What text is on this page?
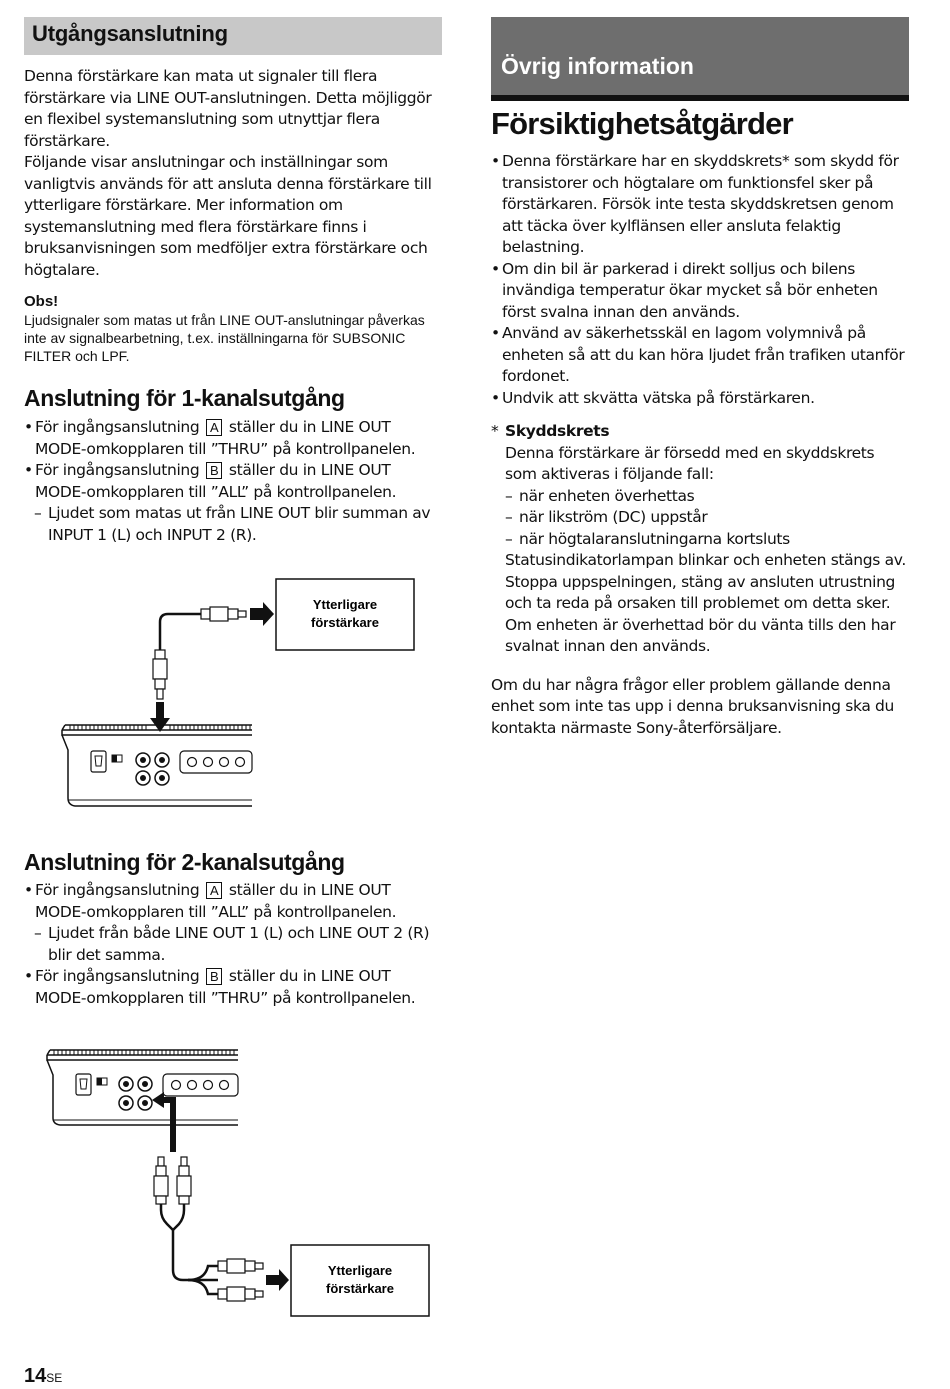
Utgångsanslutning

Denna förstärkare kan mata ut signaler till flera förstärkare via LINE OUT-anslutningen. Detta möjliggör en flexibel systemanslutning som utnyttjar flera förstärkare.

Följande visar anslutningar och inställningar som vanligtvis används för att ansluta denna förstärkare till ytterligare förstärkare. Mer information om systemanslutning med flera förstärkare finns i bruksanvisningen som medföljer extra förstärkare och högtalare.

Obs!
Ljudsignaler som matas ut från LINE OUT-anslutningar påverkas inte av signalbearbetning, t.ex. inställningarna för SUBSONIC FILTER och LPF.
Anslutning för 1-kanalsutgång
• För ingångsanslutning A ställer du in LINE OUT MODE-omkopplaren till ”THRU” på kontrollpanelen.
• För ingångsanslutning B ställer du in LINE OUT MODE-omkopplaren till ”ALL” på kontrollpanelen.
– Ljudet som matas ut från LINE OUT blir summan av INPUT 1 (L) och INPUT 2 (R).
Ytterligare
förstärkare
Anslutning för 2-kanalsutgång
• För ingångsanslutning A ställer du in LINE OUT MODE-omkopplaren till ”ALL” på kontrollpanelen.
– Ljudet från både LINE OUT 1 (L) och LINE OUT 2 (R) blir det samma.
• För ingångsanslutning B ställer du in LINE OUT MODE-omkopplaren till ”THRU” på kontrollpanelen.
Ytterligare
förstärkare
Övrig information
Försiktighetsåtgärder
• Denna förstärkare har en skyddskrets* som skydd för transistorer och högtalare om funktionsfel sker på förstärkaren. Försök inte testa skyddskretsen genom att täcka över kylflänsen eller ansluta felaktig belastning.
• Om din bil är parkerad i direkt solljus och bilens invändiga temperatur ökar mycket så bör enheten först svalna innan den används.
• Använd av säkerhetsskäl en lagom volymnivå på enheten så att du kan höra ljudet från trafiken utanför fordonet.
• Undvik att skvätta vätska på förstärkaren.
* Skyddskrets
Denna förstärkare är försedd med en skyddskrets som aktiveras i följande fall:
– när enheten överhettas
– när likström (DC) uppstår
– när högtalaranslutningarna kortsluts
Statusindikatorlampan blinkar och enheten stängs av. Stoppa uppspelningen, stäng av ansluten utrustning och ta reda på orsaken till problemet om detta sker. Om enheten är överhettad bör du vänta tills den har svalnat innan den används.

Om du har några frågor eller problem gällande denna enhet som inte tas upp i denna bruksanvisning ska du kontakta närmaste Sony-återförsäljare.

14SE
